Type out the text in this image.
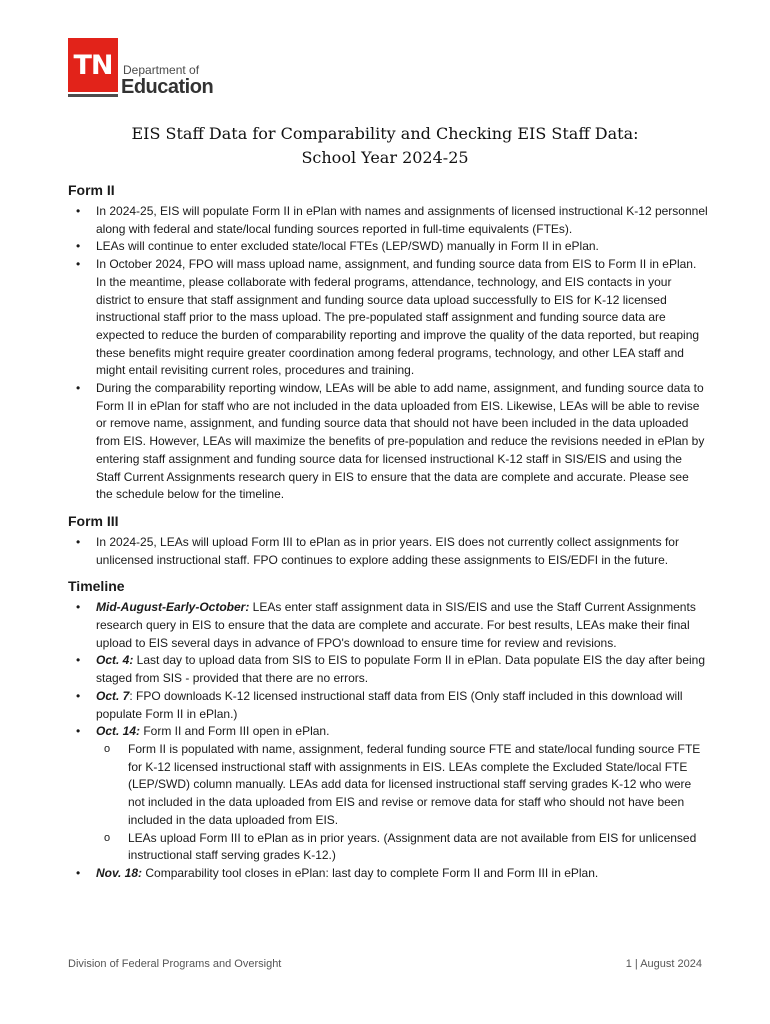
TN Department of
Education
EIS Staff Data for Comparability and Checking EIS Staff Data:
School Year 2024-25
Form II
• In 2024-25, EIS will populate Form II in ePlan with names and assignments of licensed instructional K-12 personnel along with federal and state/local funding sources reported in full-time equivalents (FTEs).
• LEAs will continue to enter excluded state/local FTEs (LEP/SWD) manually in Form II in ePlan.
• In October 2024, FPO will mass upload name, assignment, and funding source data from EIS to Form II in ePlan. In the meantime, please collaborate with federal programs, attendance, technology, and EIS contacts in your district to ensure that staff assignment and funding source data upload successfully to EIS for K-12 licensed instructional staff prior to the mass upload. The pre-populated staff assignment and funding source data are expected to reduce the burden of comparability reporting and improve the quality of the data reported, but reaping these benefits might require greater coordination among federal programs, technology, and other LEA staff and might entail revisiting current roles, procedures and training.
• During the comparability reporting window, LEAs will be able to add name, assignment, and funding source data to Form II in ePlan for staff who are not included in the data uploaded from EIS. Likewise, LEAs will be able to revise or remove name, assignment, and funding source data that should not have been included in the data uploaded from EIS. However, LEAs will maximize the benefits of pre-population and reduce the revisions needed in ePlan by entering staff assignment and funding source data for licensed instructional K-12 staff in SIS/EIS and using the Staff Current Assignments research query in EIS to ensure that the data are complete and accurate. Please see the schedule below for the timeline.
Form III
• In 2024-25, LEAs will upload Form III to ePlan as in prior years. EIS does not currently collect assignments for unlicensed instructional staff. FPO continues to explore adding these assignments to EIS/EDFI in the future.
Timeline
• Mid-August-Early-October: LEAs enter staff assignment data in SIS/EIS and use the Staff Current Assignments research query in EIS to ensure that the data are complete and accurate. For best results, LEAs make their final upload to EIS several days in advance of FPO's download to ensure time for review and revisions.
• Oct. 4: Last day to upload data from SIS to EIS to populate Form II in ePlan. Data populate EIS the day after being staged from SIS - provided that there are no errors.
• Oct. 7: FPO downloads K-12 licensed instructional staff data from EIS (Only staff included in this download will populate Form II in ePlan.)
• Oct. 14: Form II and Form III open in ePlan.
o Form II is populated with name, assignment, federal funding source FTE and state/local funding source FTE for K-12 licensed instructional staff with assignments in EIS. LEAs complete the Excluded State/local FTE (LEP/SWD) column manually. LEAs add data for licensed instructional staff serving grades K-12 who were not included in the data uploaded from EIS and revise or remove data for staff who should not have been included in the data uploaded from EIS.
o LEAs upload Form III to ePlan as in prior years. (Assignment data are not available from EIS for unlicensed instructional staff serving grades K-12.)
• Nov. 18: Comparability tool closes in ePlan: last day to complete Form II and Form III in ePlan.
Division of Federal Programs and Oversight	1 | August 2024
